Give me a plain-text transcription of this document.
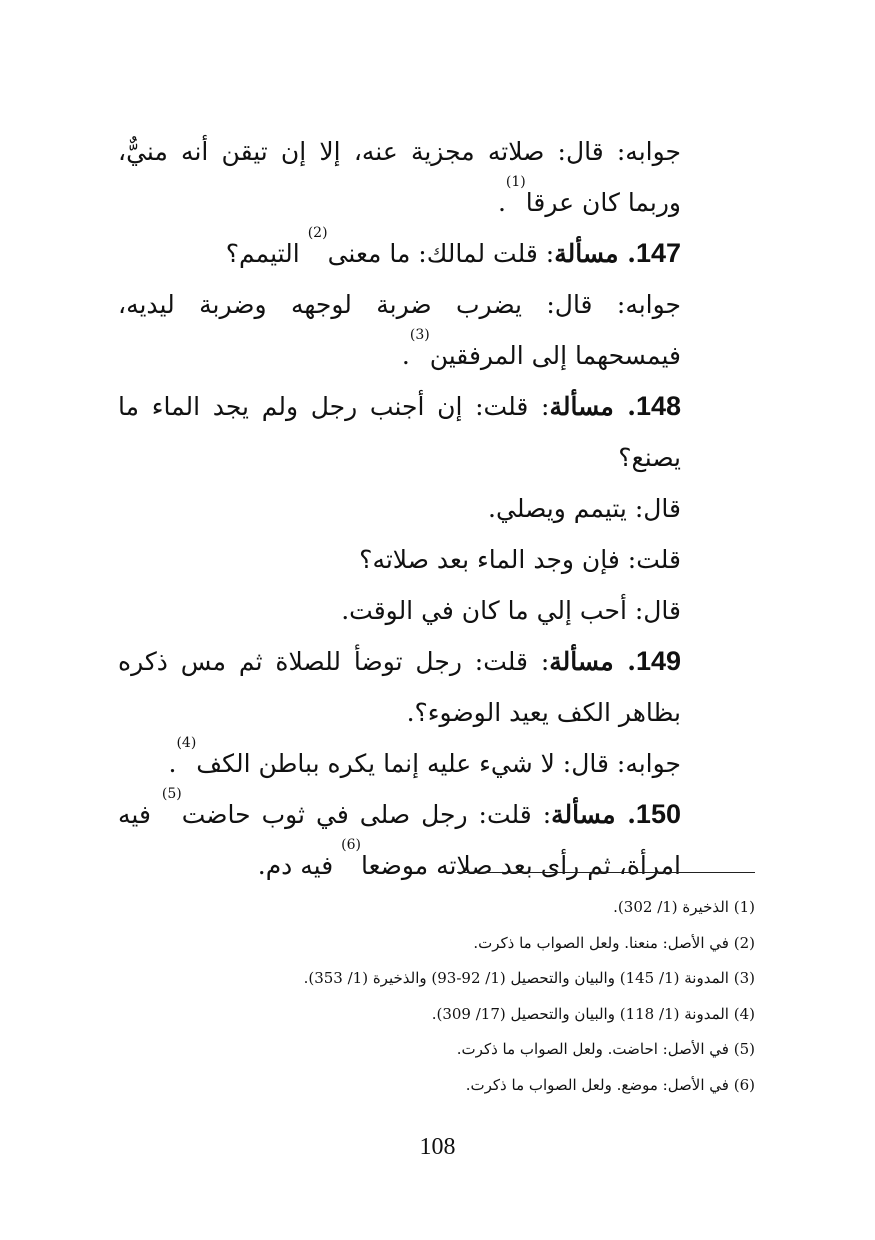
جوابه: قال: صلاته مجزية عنه، إلا إن تيقن أنه منيٌّ، وربما كان عرقا$^{(1)}$.

147. مسألة: قلت لمالك: ما معنى$^{(2)}$ التيمم؟

جوابه: قال: يضرب ضربة لوجهه وضربة ليديه، فيمسحهما إلى المرفقين$^{(3)}$.

148. مسألة: قلت: إن أجنب رجل ولم يجد الماء ما يصنع؟

قال: يتيمم ويصلي.

قلت: فإن وجد الماء بعد صلاته؟

قال: أحب إلي ما كان في الوقت.

149. مسألة: قلت: رجل توضأ للصلاة ثم مس ذكره بظاهر الكف يعيد الوضوء؟.

جوابه: قال: لا شيء عليه إنما يكره بباطن الكف$^{(4)}$.

150. مسألة: قلت: رجل صلى في ثوب حاضت$^{(5)}$ فيه امرأة، ثم رأى بعد صلاته موضعا$^{(6)}$ فيه دم.

(1) الذخيرة (1/ 302).

(2) في الأصل: منعنا. ولعل الصواب ما ذكرت.

(3) المدونة (1/ 145) والبيان والتحصيل (1/ 92-93) والذخيرة (1/ 353).

(4) المدونة (1/ 118) والبيان والتحصيل (17/ 309).

(5) في الأصل: احاضت. ولعل الصواب ما ذكرت.

(6) في الأصل: موضع. ولعل الصواب ما ذكرت.

108
